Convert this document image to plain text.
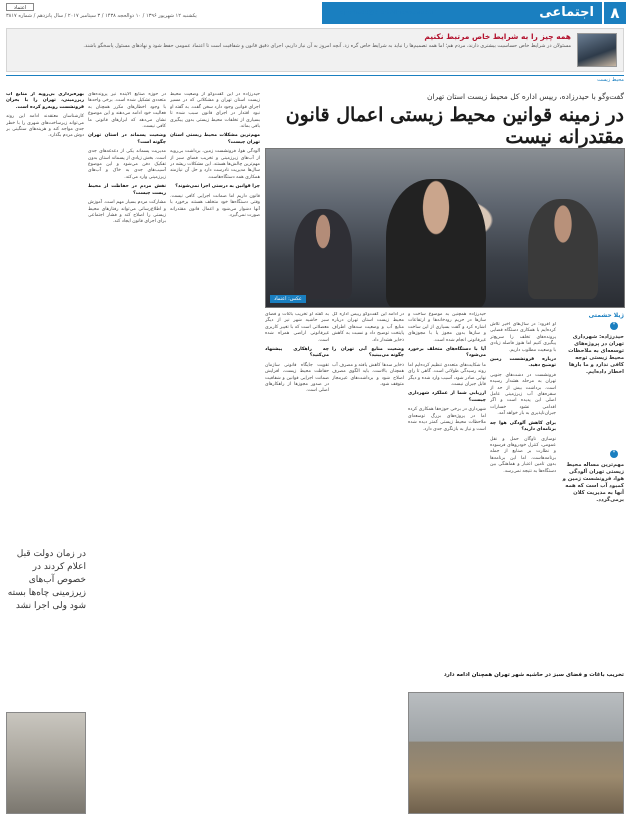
٨
اجتماعی
ejtemaee@etemadnewspaper.ir
یکشنبه ۱۲ شهریور ۱۳۹۶ / ۱۰ ذوالحجه ۱۴۳۸ / ۳ سپتامبر ۲۰۱۷ / سال پانزدهم / شماره ۳۸۱۷
اعتماد
همه چیز را به شرایط خاص مرتبط نکنیم
مسئولان در شرایط خاص حساسیت بیشتری دارند، مردم هم؛ اما همه تصمیم‌ها را نباید به شرایط خاص گره زد. آنچه امروز به آن نیاز داریم، اجرای دقیق قانون و شفافیت است تا اعتماد عمومی حفظ شود و نهادهای مسئول پاسخگو باشند.
محیط زیست
گفت‌وگو با حیدرزاده، رییس اداره کل محیط زیست استان تهران
در زمینه قوانین محیط زیستی اعمال قانون مقتدرانه نیست
عکس: اعتماد

حیدرزاده در این گفت‌وگو از وضعیت محیط زیست استان تهران و مشکلاتی که در مسیر اجرای قوانین وجود دارد سخن گفت. به گفته او نبود اقتدار در اجرای قانون سبب شده تا بسیاری از تخلفات محیط زیستی بدون پیگیری باقی بماند.

مهم‌ترین مشکلات محیط زیستی استان تهران چیست؟

آلودگی هوا، فرونشست زمین، برداشت بی‌رویه از آب‌های زیرزمینی و تخریب فضای سبز از مهم‌ترین چالش‌ها هستند. این مشکلات ریشه در سال‌ها مدیریت نادرست دارد و حل آن نیازمند همکاری همه دستگاه‌هاست.

چرا قوانین به درستی اجرا نمی‌شوند؟

قانون داریم اما ضمانت اجرایی کافی نیست. وقتی دستگاه‌ها خود متخلف هستند برخورد با آنها دشوار می‌شود و اعمال قانون مقتدرانه صورت نمی‌گیرد.

در حوزه صنایع آلاینده نیز پرونده‌های متعددی تشکیل شده است. برخی واحدها با وجود اخطارهای مکرر همچنان به فعالیت خود ادامه می‌دهند و این موضوع نشان می‌دهد که ابزارهای قانونی ما کافی نیست.

وضعیت پسماند در استان تهران چگونه است؟

مدیریت پسماند یکی از دغدغه‌های جدی است. بخش زیادی از پسماند استان بدون تفکیک دفن می‌شود و این موضوع آسیب‌های جدی به خاک و آب‌های زیرزمینی وارد می‌کند.

نقش مردم در حفاظت از محیط زیست چیست؟

مشارکت مردم بسیار مهم است. آموزش و اطلاع‌رسانی می‌تواند رفتارهای محیط زیستی را اصلاح کند و فشار اجتماعی برای اجرای قانون ایجاد کند.

بهره‌برداری بی‌رویه از منابع آب زیرزمینی، تهران را با بحران فرونشست روبه‌رو کرده است.

کارشناسان معتقدند ادامه این روند می‌تواند زیرساخت‌های شهری را با خطر جدی مواجه کند و هزینه‌های سنگینی بر دوش مردم بگذارد.

ژیلا حشمتی
"
حیدرزاده: شهرداری تهران در پروژه‌های توسعه‌ای به ملاحظات محیط زیستی توجه کافی ندارد و ما بارها اخطار داده‌ایم.

او افزود: در سال‌های اخیر تلاش کرده‌ایم با همکاری دستگاه قضایی پرونده‌های تخلف را سریع‌تر پیگیری کنیم اما هنوز فاصله زیادی با وضعیت مطلوب داریم.

درباره فرونشست زمین توضیح دهید.

فرونشست در دشت‌های جنوبی تهران به مرحله هشدار رسیده است. برداشت بیش از حد از سفره‌های آب زیرزمینی عامل اصلی این پدیده است و اگر اقدامی نشود خسارات جبران‌ناپذیری به بار خواهد آمد.

برای کاهش آلودگی هوا چه برنامه‌ای دارید؟

نوسازی ناوگان حمل و نقل عمومی، کنترل خودروهای فرسوده و نظارت بر صنایع از جمله برنامه‌هاست. اما این برنامه‌ها بدون تامین اعتبار و هماهنگی بین دستگاه‌ها به نتیجه نمی‌رسد.

حیدرزاده همچنین به موضوع ساخت و سازها در حریم رودخانه‌ها و ارتفاعات اشاره کرد و گفت بسیاری از این ساخت و سازها بدون مجوز یا با مجوزهای غیرقانونی انجام شده است.

آیا با دستگاه‌های متخلف برخورد می‌شود؟

ما شکایت‌های متعددی تنظیم کرده‌ایم اما روند رسیدگی طولانی است. گاهی تا رای نهایی صادر شود، آسیب وارد شده و دیگر قابل جبران نیست.

ارزیابی شما از عملکرد شهرداری چیست؟

شهرداری در برخی حوزه‌ها همکاری کرده اما در پروژه‌های بزرگ توسعه‌ای ملاحظات محیط زیستی کمتر دیده شده است و نیاز به بازنگری جدی دارد.

در ادامه این گفت‌وگو رییس اداره کل محیط زیست استان تهران درباره منابع آب و وضعیت سدهای اطراف پایتخت توضیح داد و نسبت به کاهش ذخایر هشدار داد.

وضعیت منابع آبی تهران را چگونه می‌بینید؟

ذخایر سدها کاهش یافته و مصرف آب همچنان بالاست. باید الگوی مصرف اصلاح شود و برداشت‌های غیرمجاز متوقف شود.

به گفته او تخریب باغات و فضای سبز حاشیه شهر نیز از دیگر معضلاتی است که با تغییر کاربری غیرقانونی اراضی همراه شده است.

چه راهکاری پیشنهاد می‌کنید؟

تقویت جایگاه قانونی سازمان حفاظت محیط زیست، افزایش ضمانت اجرایی قوانین و شفافیت در صدور مجوزها از راهکارهای اصلی است.

"
مهم‌ترین مساله محیط زیستی تهران آلودگی هوا، فرونشست زمین و کمبود آب است که همه آنها به مدیریت کلان برمی‌گردد.
در زمان دولت قبل اعلام کردند در خصوص آب‌های زیرزمینی چاه‌ها بسته شود ولی اجرا نشد
تخریب باغات و فضای سبز در حاشیه شهر تهران همچنان ادامه دارد
